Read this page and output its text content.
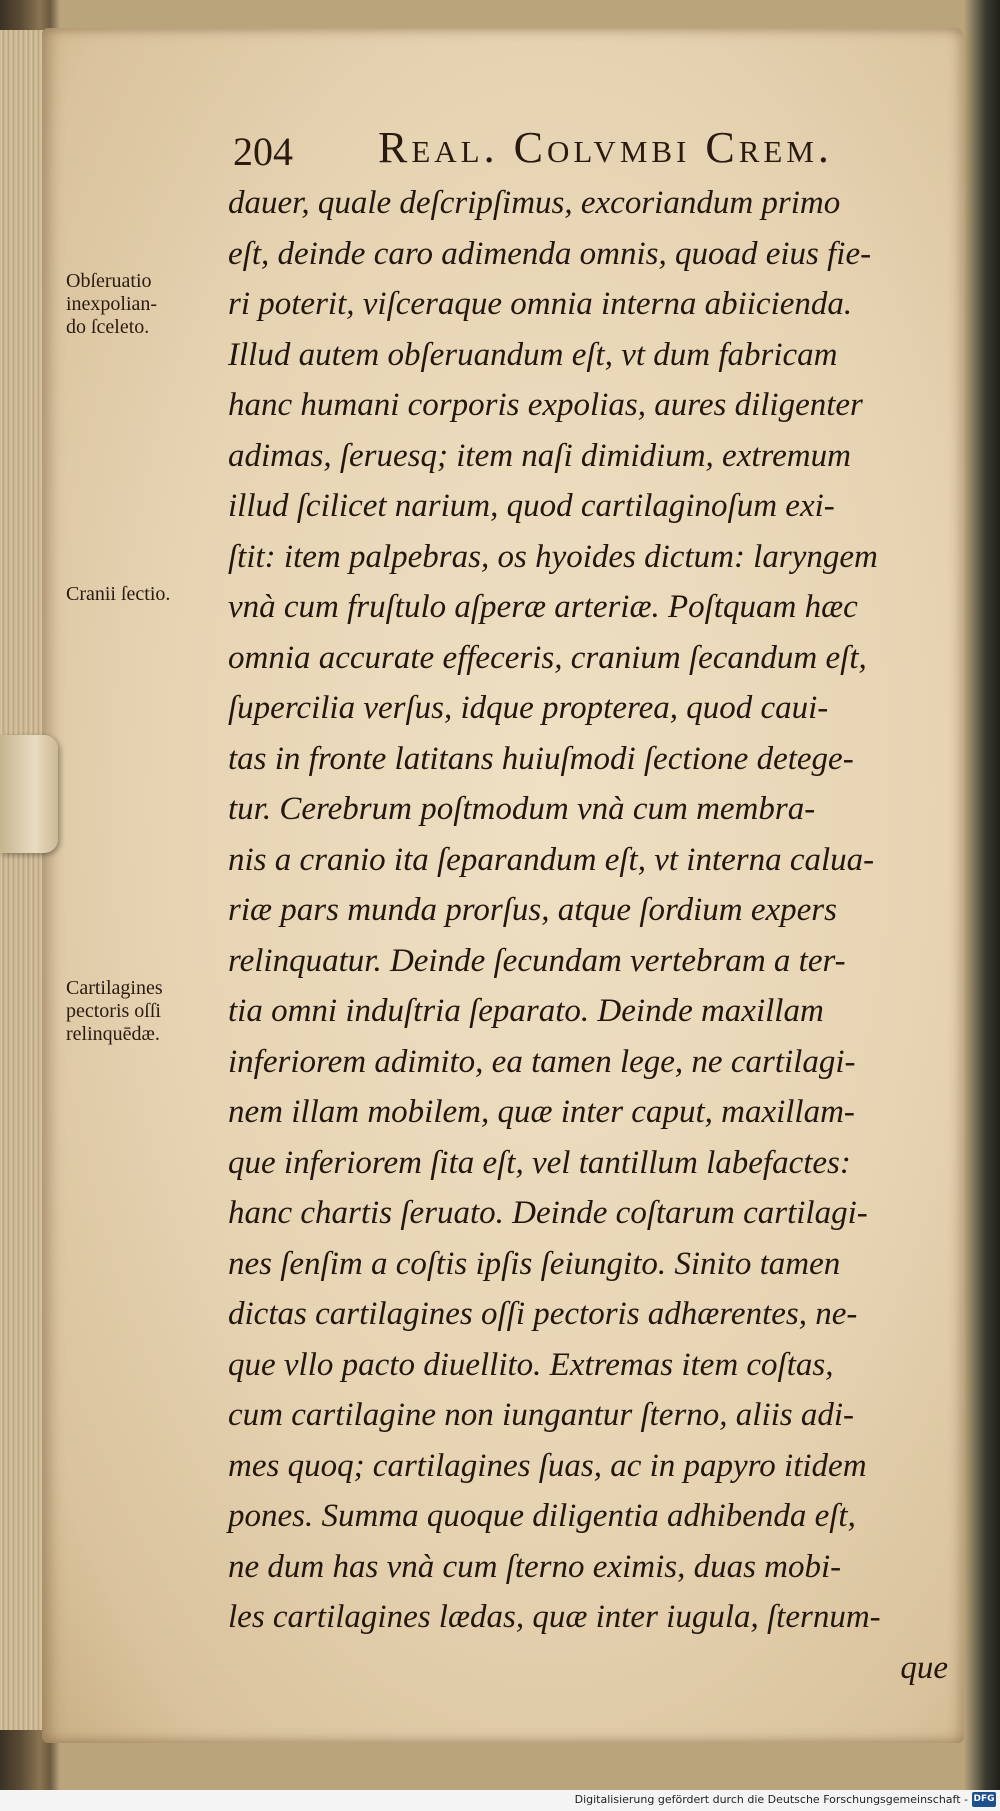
204 Real. Colvmbi Crem.
Obſeruatio
inexpolian-
do ſceleto.
Cranii ſectio.
Cartilagines
pectoris oſſi
relinquēdæ.
dauer, quale deſcripſimus, excoriandum primo
eſt, deinde caro adimenda omnis, quoad eius fie-
ri poterit, viſceraque omnia interna abiicienda.
Illud autem obſeruandum eſt, vt dum fabricam
hanc humani corporis expolias, aures diligenter
adimas, ſeruesq; item naſi dimidium, extremum
illud ſcilicet narium, quod cartilaginoſum exi-
ſtit: item palpebras, os hyoides dictum: laryngem
vnà cum fruſtulo aſperæ arteriæ. Poſtquam hæc
omnia accurate effeceris, cranium ſecandum eſt,
ſupercilia verſus, idque propterea, quod caui-
tas in fronte latitans huiuſmodi ſectione detege-
tur. Cerebrum poſtmodum vnà cum membra-
nis a cranio ita ſeparandum eſt, vt interna calua-
riæ pars munda prorſus, atque ſordium expers
relinquatur. Deinde ſecundam vertebram a ter-
tia omni induſtria ſeparato. Deinde maxillam
inferiorem adimito, ea tamen lege, ne cartilagi-
nem illam mobilem, quæ inter caput, maxillam-
que inferiorem ſita eſt, vel tantillum labefactes:
hanc chartis ſeruato. Deinde coſtarum cartilagi-
nes ſenſim a coſtis ipſis ſeiungito. Sinito tamen
dictas cartilagines oſſi pectoris adhærentes, ne-
que vllo pacto diuellito. Extremas item coſtas,
cum cartilagine non iungantur ſterno, aliis adi-
mes quoq; cartilagines ſuas, ac in papyro itidem
pones. Summa quoque diligentia adhibenda eſt,
ne dum has vnà cum ſterno eximis, duas mobi-
les cartilagines lædas, quæ inter iugula, ſternum-
que
Digitalisierung gefördert durch die Deutsche Forschungsgemeinschaft - DFG
